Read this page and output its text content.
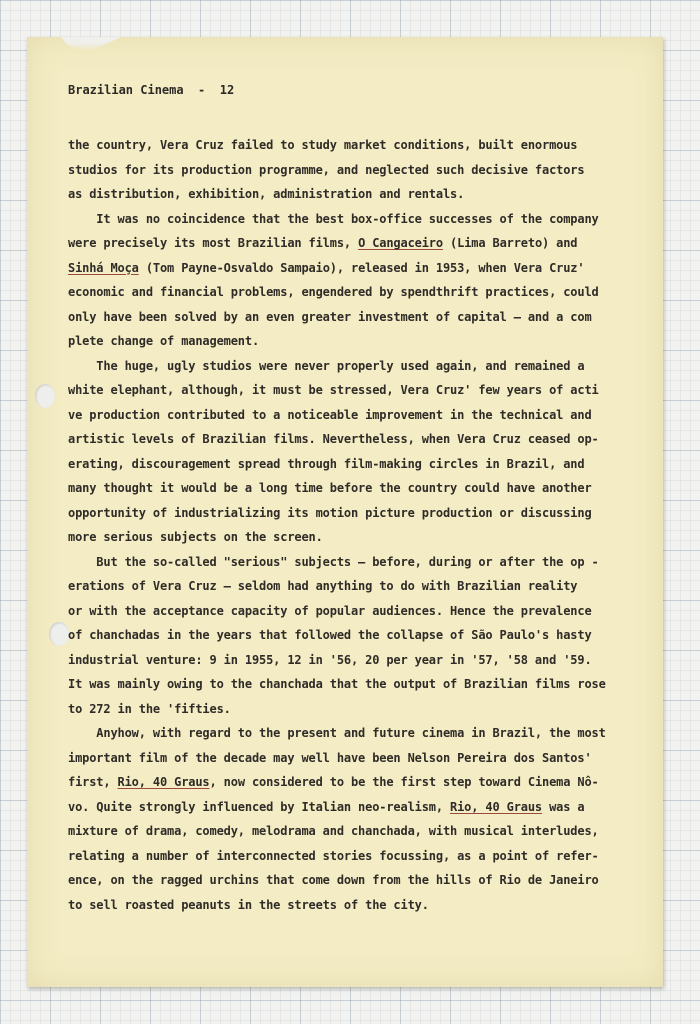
Brazilian Cinema  -  12
the country, Vera Cruz failed to study market conditions, built enormous
studios for its production programme, and neglected such decisive factors
as distribution, exhibition, administration and rentals.
It was no coincidence that the best box-office successes of the company
were precisely its most Brazilian films, O Cangaceiro (Lima Barreto) and
Sinhá Moça (Tom Payne-Osvaldo Sampaio), released in 1953, when Vera Cruz'
economic and financial problems, engendered by spendthrift practices, could
only have been solved by an even greater investment of capital — and a com
plete change of management.
The huge, ugly studios were never properly used again, and remained a
white elephant, although, it must be stressed, Vera Cruz' few years of acti
ve production contributed to a noticeable improvement in the technical and
artistic levels of Brazilian films. Nevertheless, when Vera Cruz ceased op-
erating, discouragement spread through film-making circles in Brazil, and
many thought it would be a long time before the country could have another
opportunity of industrializing its motion picture production or discussing
more serious subjects on the screen.
But the so-called "serious" subjects — before, during or after the op -
erations of Vera Cruz — seldom had anything to do with Brazilian reality
or with the acceptance capacity of popular audiences. Hence the prevalence
of chanchadas in the years that followed the collapse of São Paulo's hasty
industrial venture: 9 in 1955, 12 in '56, 20 per year in '57, '58 and '59.
It was mainly owing to the chanchada that the output of Brazilian films rose
to 272 in the 'fifties.
Anyhow, with regard to the present and future cinema in Brazil, the most
important film of the decade may well have been Nelson Pereira dos Santos'
first, Rio, 40 Graus, now considered to be the first step toward Cinema Nô-
vo. Quite strongly influenced by Italian neo-realism, Rio, 40 Graus was a
mixture of drama, comedy, melodrama and chanchada, with musical interludes,
relating a number of interconnected stories focussing, as a point of refer-
ence, on the ragged urchins that come down from the hills of Rio de Janeiro
to sell roasted peanuts in the streets of the city.
